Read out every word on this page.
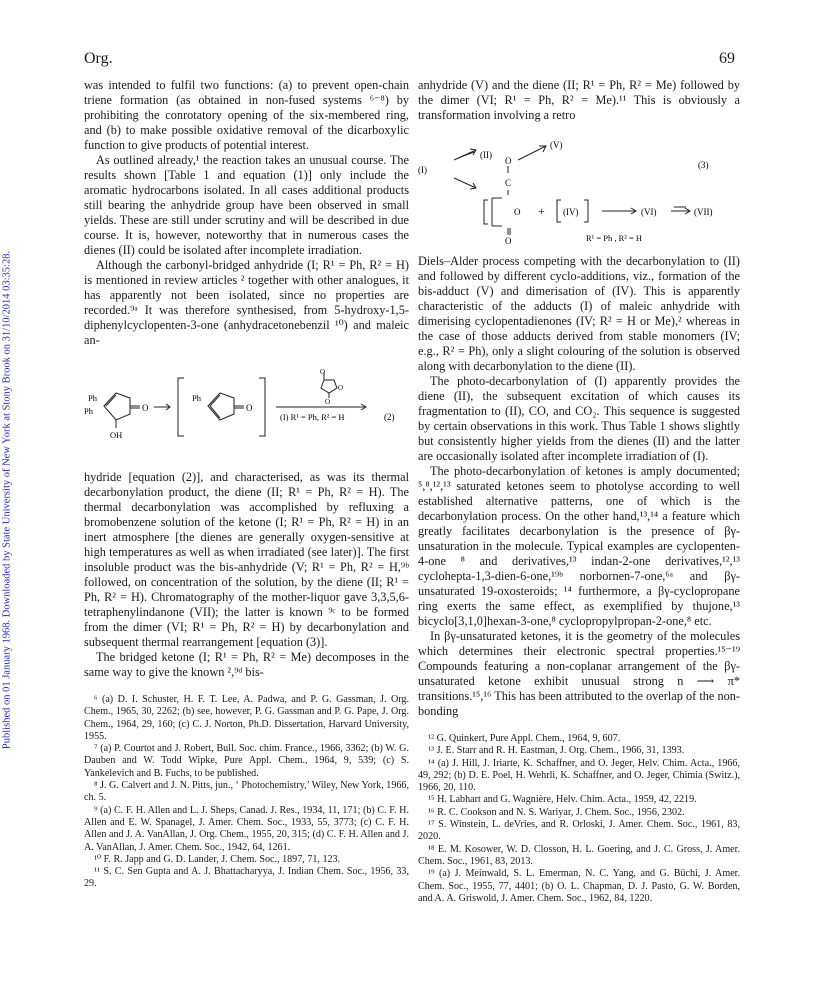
Published on 01 January 1968. Downloaded by State University of New York at Stony Brook on 31/10/2014 03:35:28.
Org.	69

was intended to fulfil two functions: (a) to prevent open-chain triene formation (as obtained in non-fused systems ⁶⁻⁸) by prohibiting the conrotatory opening of the six-membered ring, and (b) to make possible oxidative removal of the dicarboxylic function to give products of potential interest.

As outlined already,¹ the reaction takes an unusual course. The results shown [Table 1 and equation (1)] only include the aromatic hydrocarbons isolated. In all cases additional products still bearing the anhydride group have been observed in small yields. These are still under scrutiny and will be described in due course. It is, however, noteworthy that in numerous cases the dienes (II) could be isolated after incomplete irradiation.

Although the carbonyl-bridged anhydride (I; R¹ = Ph, R² = H) is mentioned in review articles ² together with other analogues, it has apparently not been isolated, since no properties are recorded.⁹ᵃ It was therefore synthesised, from 5-hydroxy-1,5-diphenylcyclopenten-3-one (anhydracetonebenzil ¹⁰) and maleic an-

Ph
Ph	O
OH
Ph
O
O
O
O
(I) R¹ = Ph, R² = H	(2)

hydride [equation (2)], and characterised, as was its thermal decarbonylation product, the diene (II; R¹ = Ph, R² = H). The thermal decarbonylation was accomplished by refluxing a bromobenzene solution of the ketone (I; R¹ = Ph, R² = H) in an inert atmosphere [the dienes are generally oxygen-sensitive at high temperatures as well as when irradiated (see later)]. The first insoluble product was the bis-anhydride (V; R¹ = Ph, R² = H,⁹ᵇ followed, on concentration of the solution, by the diene (II; R¹ = Ph, R² = H). Chromatography of the mother-liquor gave 3,3,5,6-tetraphenylindanone (VII); the latter is known ⁹ᶜ to be formed from the dimer (VI; R¹ = Ph, R² = H) by decarbonylation and subsequent thermal rearrangement [equation (3)].

The bridged ketone (I; R¹ = Ph, R² = Me) decomposes in the same way to give the known ²,⁹ᵈ bis-

⁶ (a) D. I. Schuster, H. F. T. Lee, A. Padwa, and P. G. Gassman, J. Org. Chem., 1965, 30, 2262; (b) see, however, P. G. Gassman and P. G. Pape, J. Org. Chem., 1964, 29, 160; (c) C. J. Norton, Ph.D. Dissertation, Harvard University, 1955.

⁷ (a) P. Courtot and J. Robert, Bull. Soc. chim. France., 1966, 3362; (b) W. G. Dauben and W. Todd Wipke, Pure Appl. Chem., 1964, 9, 539; (c) S. Yankelevich and B. Fuchs, to be published.

⁸ J. G. Calvert and J. N. Pitts, jun., ‘ Photochemistry,’ Wiley, New York, 1966, ch. 5.

⁹ (a) C. F. H. Allen and L. J. Sheps, Canad. J. Res., 1934, 11, 171; (b) C. F. H. Allen and E. W. Spanagel, J. Amer. Chem. Soc., 1933, 55, 3773; (c) C. F. H. Allen and J. A. VanAllan, J. Org. Chem., 1955, 20, 315; (d) C. F. H. Allen and J. A. VanAllan, J. Amer. Chem. Soc., 1942, 64, 1261.

¹⁰ F. R. Japp and G. D. Lander, J. Chem. Soc., 1897, 71, 123.

¹¹ S. C. Sen Gupta and A. J. Bhattacharyya, J. Indian Chem. Soc., 1956, 33, 29.

anhydride (V) and the diene (II; R¹ = Ph, R² = Me) followed by the dimer (VI; R¹ = Ph, R² = Me).¹¹ This is obviously a transformation involving a retro

(I)
(II)
(V)
(3)
O
C
O
O
+ (IV)	(VI)	(VII)
R¹ = Ph , R² = H

Diels–Alder process competing with the decarbonylation to (II) and followed by different cyclo-additions, viz., formation of the bis-adduct (V) and dimerisation of (IV). This is apparently characteristic of the adducts (I) of maleic anhydride with dimerising cyclopentadienones (IV; R² = H or Me),² whereas in the case of those adducts derived from stable monomers (IV; e.g., R² = Ph), only a slight colouring of the solution is observed along with decarbonylation to the diene (II).

The photo-decarbonylation of (I) apparently provides the diene (II), the subsequent excitation of which causes its fragmentation to (II), CO, and CO₂. This sequence is suggested by certain observations in this work. Thus Table 1 shows slightly but consistently higher yields from the dienes (II) and the latter are occasionally isolated after incomplete irradiation of (I).

The photo-decarbonylation of ketones is amply documented; ⁵,⁸,¹²,¹³ saturated ketones seem to photolyse according to well established alternative patterns, one of which is the decarbonylation process. On the other hand,¹³,¹⁴ a feature which greatly facilitates decarbonylation is the presence of βγ-unsaturation in the molecule. Typical examples are cyclopenten-4-one ⁸ and derivatives,¹³ indan-2-one derivatives,¹²,¹³ cyclohepta-1,3-dien-6-one,¹⁹ᵇ norbornen-7-one,⁶ᵃ and βγ-unsaturated 19-oxosteroids; ¹⁴ furthermore, a βγ-cyclopropane ring exerts the same effect, as exemplified by thujone,¹³ bicyclo[3,1,0]hexan-3-one,⁸ cyclopropylpropan-2-one,⁸ etc.

In βγ-unsaturated ketones, it is the geometry of the molecules which determines their electronic spectral properties.¹⁵⁻¹⁹ Compounds featuring a non-coplanar arrangement of the βγ-unsaturated ketone exhibit unusual strong n ⟶ π* transitions.¹⁵,¹⁶ This has been attributed to the overlap of the non-bonding

¹² G. Quinkert, Pure Appl. Chem., 1964, 9, 607.

¹³ J. E. Starr and R. H. Eastman, J. Org. Chem., 1966, 31, 1393.

¹⁴ (a) J. Hill, J. Iriarte, K. Schaffner, and O. Jeger, Helv. Chim. Acta., 1966, 49, 292; (b) D. E. Poel, H. Wehrli, K. Schaffner, and O. Jeger, Chimia (Switz.), 1966, 20, 110.

¹⁵ H. Labhart and G. Wagnière, Helv. Chim. Acta., 1959, 42, 2219.

¹⁶ R. C. Cookson and N. S. Wariyar, J. Chem. Soc., 1956, 2302.

¹⁷ S. Winstein, L. deVries, and R. Orloski, J. Amer. Chem. Soc., 1961, 83, 2020.

¹⁸ E. M. Kosower, W. D. Closson, H. L. Goering, and J. C. Gross, J. Amer. Chem. Soc., 1961, 83, 2013.

¹⁹ (a) J. Meinwald, S. L. Emerman, N. C. Yang, and G. Büchi, J. Amer. Chem. Soc., 1955, 77, 4401; (b) O. L. Chapman, D. J. Pasto, G. W. Borden, and A. A. Griswold, J. Amer. Chem. Soc., 1962, 84, 1220.
